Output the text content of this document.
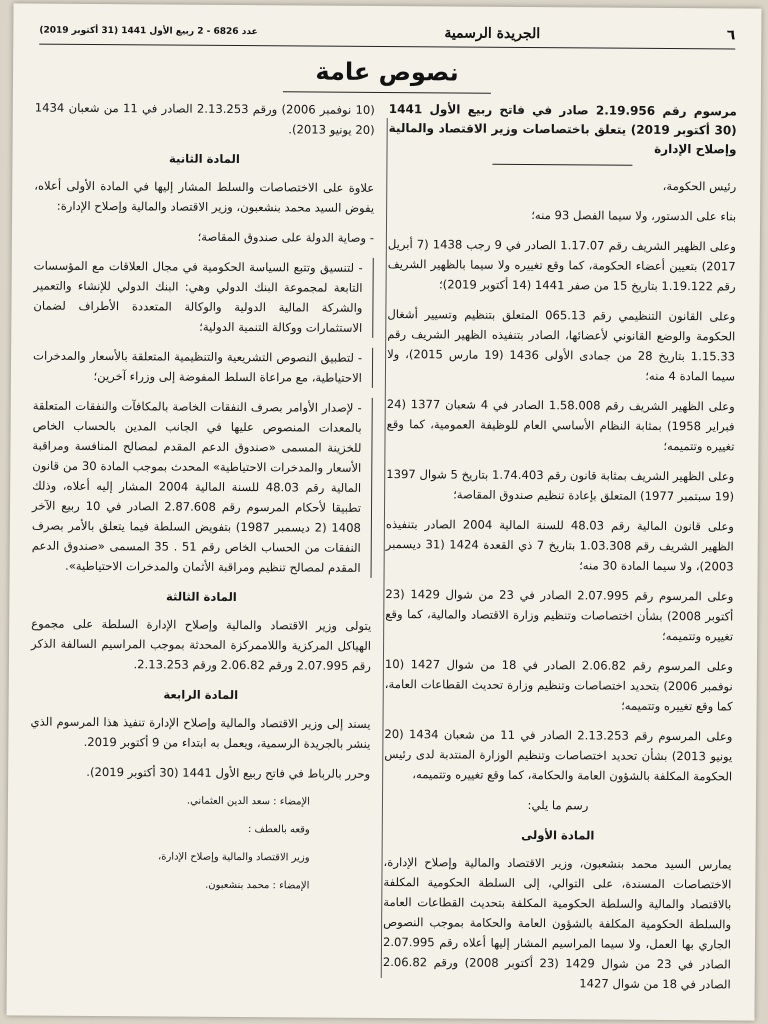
٦
الجريدة الرسمية
عدد 6826 - 2 ربيع الأول 1441 (31 أكتوبر 2019)
نصوص عامة

مرسوم رقم 2.19.956 صادر في فاتح ربيع الأول 1441 (30 أكتوبر 2019) يتعلق باختصاصات وزير الاقتصاد والمالية وإصلاح الإدارة

رئيس الحكومة،

بناء على الدستور، ولا سيما الفصل 93 منه؛

وعلى الظهير الشريف رقم 1.17.07 الصادر في 9 رجب 1438 (7 أبريل 2017) بتعيين أعضاء الحكومة، كما وقع تغييره ولا سيما بالظهير الشريف رقم 1.19.122 بتاريخ 15 من صفر 1441 (14 أكتوبر 2019)؛

وعلى القانون التنظيمي رقم 065.13 المتعلق بتنظيم وتسيير أشغال الحكومة والوضع القانوني لأعضائها، الصادر بتنفيذه الظهير الشريف رقم 1.15.33 بتاريخ 28 من جمادى الأولى 1436 (19 مارس 2015)، ولا سيما المادة 4 منه؛

وعلى الظهير الشريف رقم 1.58.008 الصادر في 4 شعبان 1377 (24 فبراير 1958) بمثابة النظام الأساسي العام للوظيفة العمومية، كما وقع تغييره وتتميمه؛

وعلى الظهير الشريف بمثابة قانون رقم 1.74.403 بتاريخ 5 شوال 1397 (19 سبتمبر 1977) المتعلق بإعادة تنظيم صندوق المقاصة؛

وعلى قانون المالية رقم 48.03 للسنة المالية 2004 الصادر بتنفيذه الظهير الشريف رقم 1.03.308 بتاريخ 7 ذي القعدة 1424 (31 ديسمبر 2003)، ولا سيما المادة 30 منه؛

وعلى المرسوم رقم 2.07.995 الصادر في 23 من شوال 1429 (23 أكتوبر 2008) بشأن اختصاصات وتنظيم وزارة الاقتصاد والمالية، كما وقع تغييره وتتميمه؛

وعلى المرسوم رقم 2.06.82 الصادر في 18 من شوال 1427 (10 نوفمبر 2006) بتحديد اختصاصات وتنظيم وزارة تحديث القطاعات العامة، كما وقع تغييره وتتميمه؛

وعلى المرسوم رقم 2.13.253 الصادر في 11 من شعبان 1434 (20 يونيو 2013) بشأن تحديد اختصاصات وتنظيم الوزارة المنتدبة لدى رئيس الحكومة المكلفة بالشؤون العامة والحكامة، كما وقع تغييره وتتميمه،

رسم ما يلي:

المادة الأولى

يمارس السيد محمد بنشعبون، وزير الاقتصاد والمالية وإصلاح الإدارة، الاختصاصات المسندة، على التوالي، إلى السلطة الحكومية المكلفة بالاقتصاد والمالية والسلطة الحكومية المكلفة بتحديث القطاعات العامة والسلطة الحكومية المكلفة بالشؤون العامة والحكامة بموجب النصوص الجاري بها العمل، ولا سيما المراسيم المشار إليها أعلاه رقم 2.07.995 الصادر في 23 من شوال 1429 (23 أكتوبر 2008) ورقم 2.06.82 الصادر في 18 من شوال 1427

(10 نوفمبر 2006) ورقم 2.13.253 الصادر في 11 من شعبان 1434 (20 يونيو 2013).

المادة الثانية

علاوة على الاختصاصات والسلط المشار إليها في المادة الأولى أعلاه، يفوض السيد محمد بنشعبون، وزير الاقتصاد والمالية وإصلاح الإدارة:

- وصاية الدولة على صندوق المقاصة؛

- لتنسيق وتتبع السياسة الحكومية في مجال العلاقات مع المؤسسات التابعة لمجموعة البنك الدولي وهي: البنك الدولي للإنشاء والتعمير والشركة المالية الدولية والوكالة المتعددة الأطراف لضمان الاستثمارات ووكالة التنمية الدولية؛

- لتطبيق النصوص التشريعية والتنظيمية المتعلقة بالأسعار والمدخرات الاحتياطية، مع مراعاة السلط المفوضة إلى وزراء آخرين؛

- لإصدار الأوامر بصرف النفقات الخاصة بالمكافآت والنفقات المتعلقة بالمعدات المنصوص عليها في الجانب المدين بالحساب الخاص للخزينة المسمى «صندوق الدعم المقدم لمصالح المنافسة ومراقبة الأسعار والمدخرات الاحتياطية» المحدث بموجب المادة 30 من قانون المالية رقم 48.03 للسنة المالية 2004 المشار إليه أعلاه، وذلك تطبيقا لأحكام المرسوم رقم 2.87.608 الصادر في 10 ربيع الآخر 1408 (2 ديسمبر 1987) بتفويض السلطة فيما يتعلق بالأمر بصرف النفقات من الحساب الخاص رقم 51 . 35 المسمى «صندوق الدعم المقدم لمصالح تنظيم ومراقبة الأثمان والمدخرات الاحتياطية».

المادة الثالثة

يتولى وزير الاقتصاد والمالية وإصلاح الإدارة السلطة على مجموع الهياكل المركزية واللاممركزة المحدثة بموجب المراسيم السالفة الذكر رقم 2.07.995 ورقم 2.06.82 ورقم 2.13.253.

المادة الرابعة

يسند إلى وزير الاقتصاد والمالية وإصلاح الإدارة تنفيذ هذا المرسوم الذي ينشر بالجريدة الرسمية، ويعمل به ابتداء من 9 أكتوبر 2019.

وحرر بالرباط في فاتح ربيع الأول 1441 (30 أكتوبر 2019).

الإمضاء : سعد الدين العثماني.
وقعه بالعطف :
وزير الاقتصاد والمالية وإصلاح الإدارة،
الإمضاء : محمد بنشعبون.
